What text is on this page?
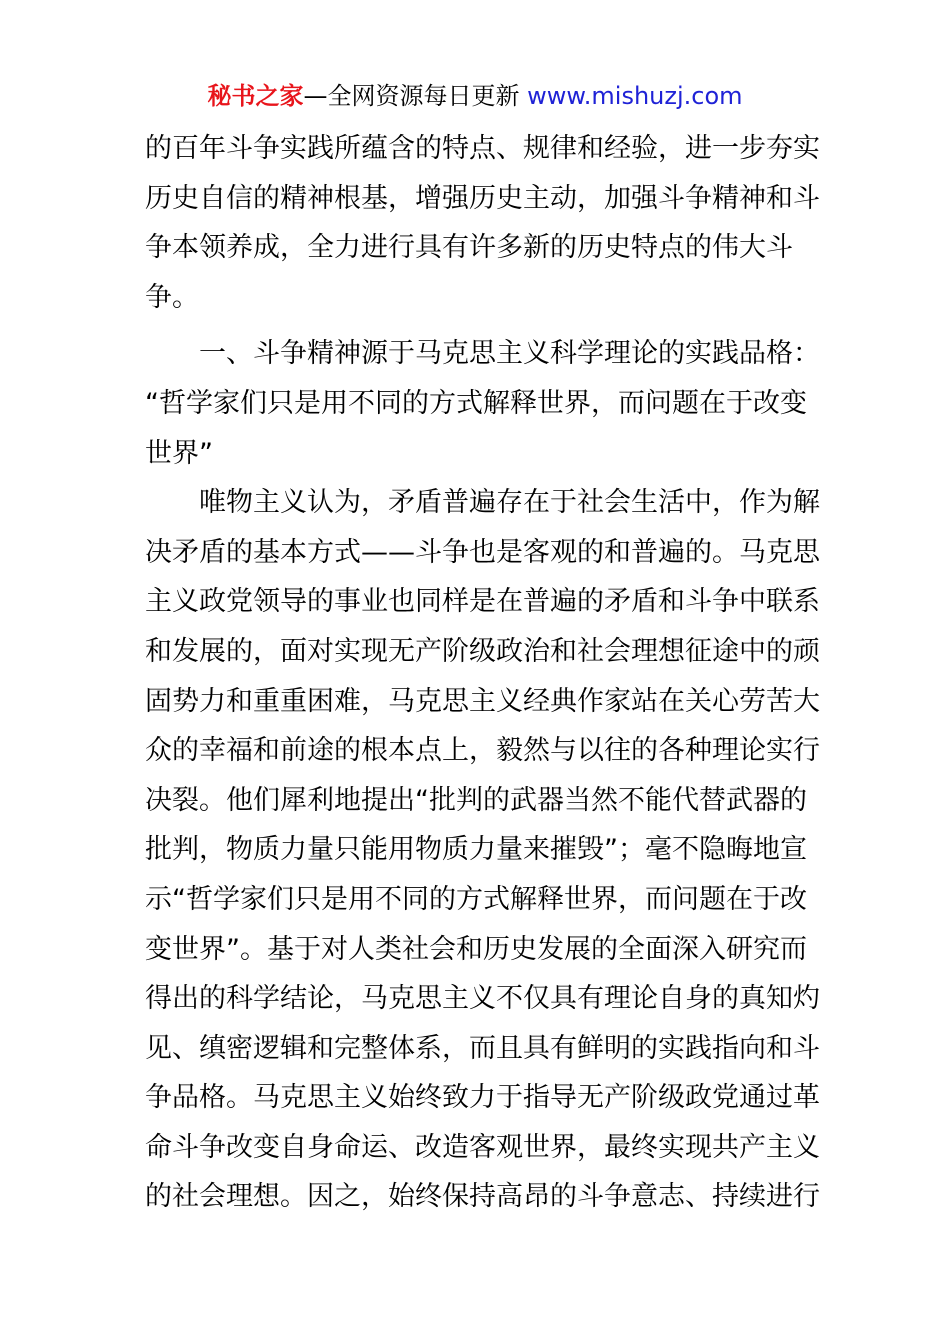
秘书之家—全网资源每日更新 www.mishuzj.com
的百年斗争实践所蕴含的特点、规律和经验，进一步夯实
历史自信的精神根基，增强历史主动，加强斗争精神和斗
争本领养成，全力进行具有许多新的历史特点的伟大斗
争。
一、斗争精神源于马克思主义科学理论的实践品格：
“哲学家们只是用不同的方式解释世界，而问题在于改变
世界”
唯物主义认为，矛盾普遍存在于社会生活中，作为解
决矛盾的基本方式——斗争也是客观的和普遍的。马克思
主义政党领导的事业也同样是在普遍的矛盾和斗争中联系
和发展的，面对实现无产阶级政治和社会理想征途中的顽
固势力和重重困难，马克思主义经典作家站在关心劳苦大
众的幸福和前途的根本点上，毅然与以往的各种理论实行
决裂。他们犀利地提出“批判的武器当然不能代替武器的
批判，物质力量只能用物质力量来摧毁”；毫不隐晦地宣
示“哲学家们只是用不同的方式解释世界，而问题在于改
变世界”。基于对人类社会和历史发展的全面深入研究而
得出的科学结论，马克思主义不仅具有理论自身的真知灼
见、缜密逻辑和完整体系，而且具有鲜明的实践指向和斗
争品格。马克思主义始终致力于指导无产阶级政党通过革
命斗争改变自身命运、改造客观世界，最终实现共产主义
的社会理想。因之，始终保持高昂的斗争意志、持续进行
